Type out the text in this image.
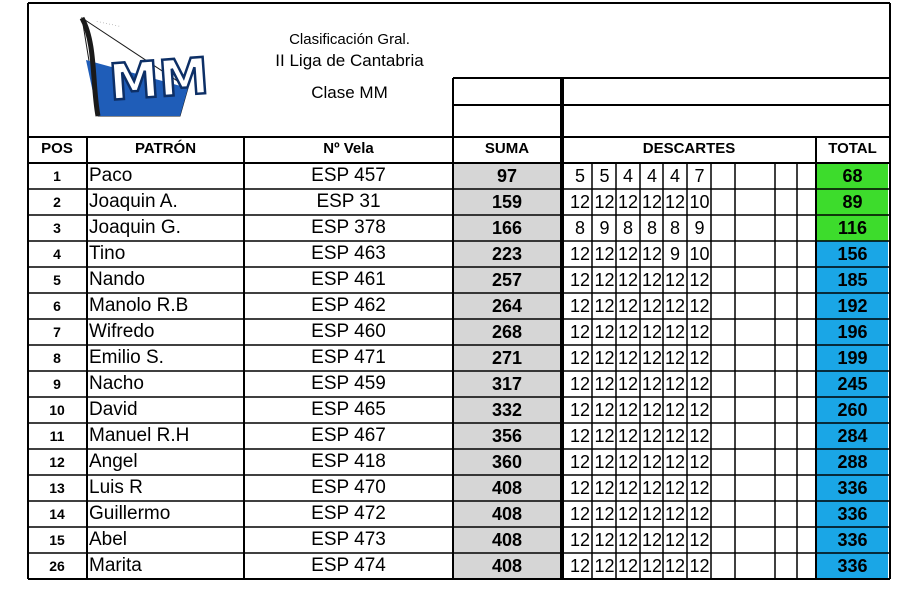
· · · · · · · ·
MM
Clasificación Gral.
II Liga de Cantabria
Clase MM
POS	PATRÓN	Nº Vela	SUMA	DESCARTES	TOTAL
1	Paco	ESP 457	97	5 5 4 4 4 7	68
2	Joaquin A.	ESP 31	159	12 12 12 12 12 10	89
3	Joaquin G.	ESP 378	166	8 9 8 8 8 9	116
4	Tino	ESP 463	223	12 12 12 12 9 10	156
5	Nando	ESP 461	257	12 12 12 12 12 12	185
6	Manolo R.B	ESP 462	264	12 12 12 12 12 12	192
7	Wifredo	ESP 460	268	12 12 12 12 12 12	196
8	Emilio S.	ESP 471	271	12 12 12 12 12 12	199
9	Nacho	ESP 459	317	12 12 12 12 12 12	245
10	David	ESP 465	332	12 12 12 12 12 12	260
11	Manuel R.H	ESP 467	356	12 12 12 12 12 12	284
12	Angel	ESP 418	360	12 12 12 12 12 12	288
13	Luis R	ESP 470	408	12 12 12 12 12 12	336
14	Guillermo	ESP 472	408	12 12 12 12 12 12	336
15	Abel	ESP 473	408	12 12 12 12 12 12	336
26	Marita	ESP 474	408	12 12 12 12 12 12	336
